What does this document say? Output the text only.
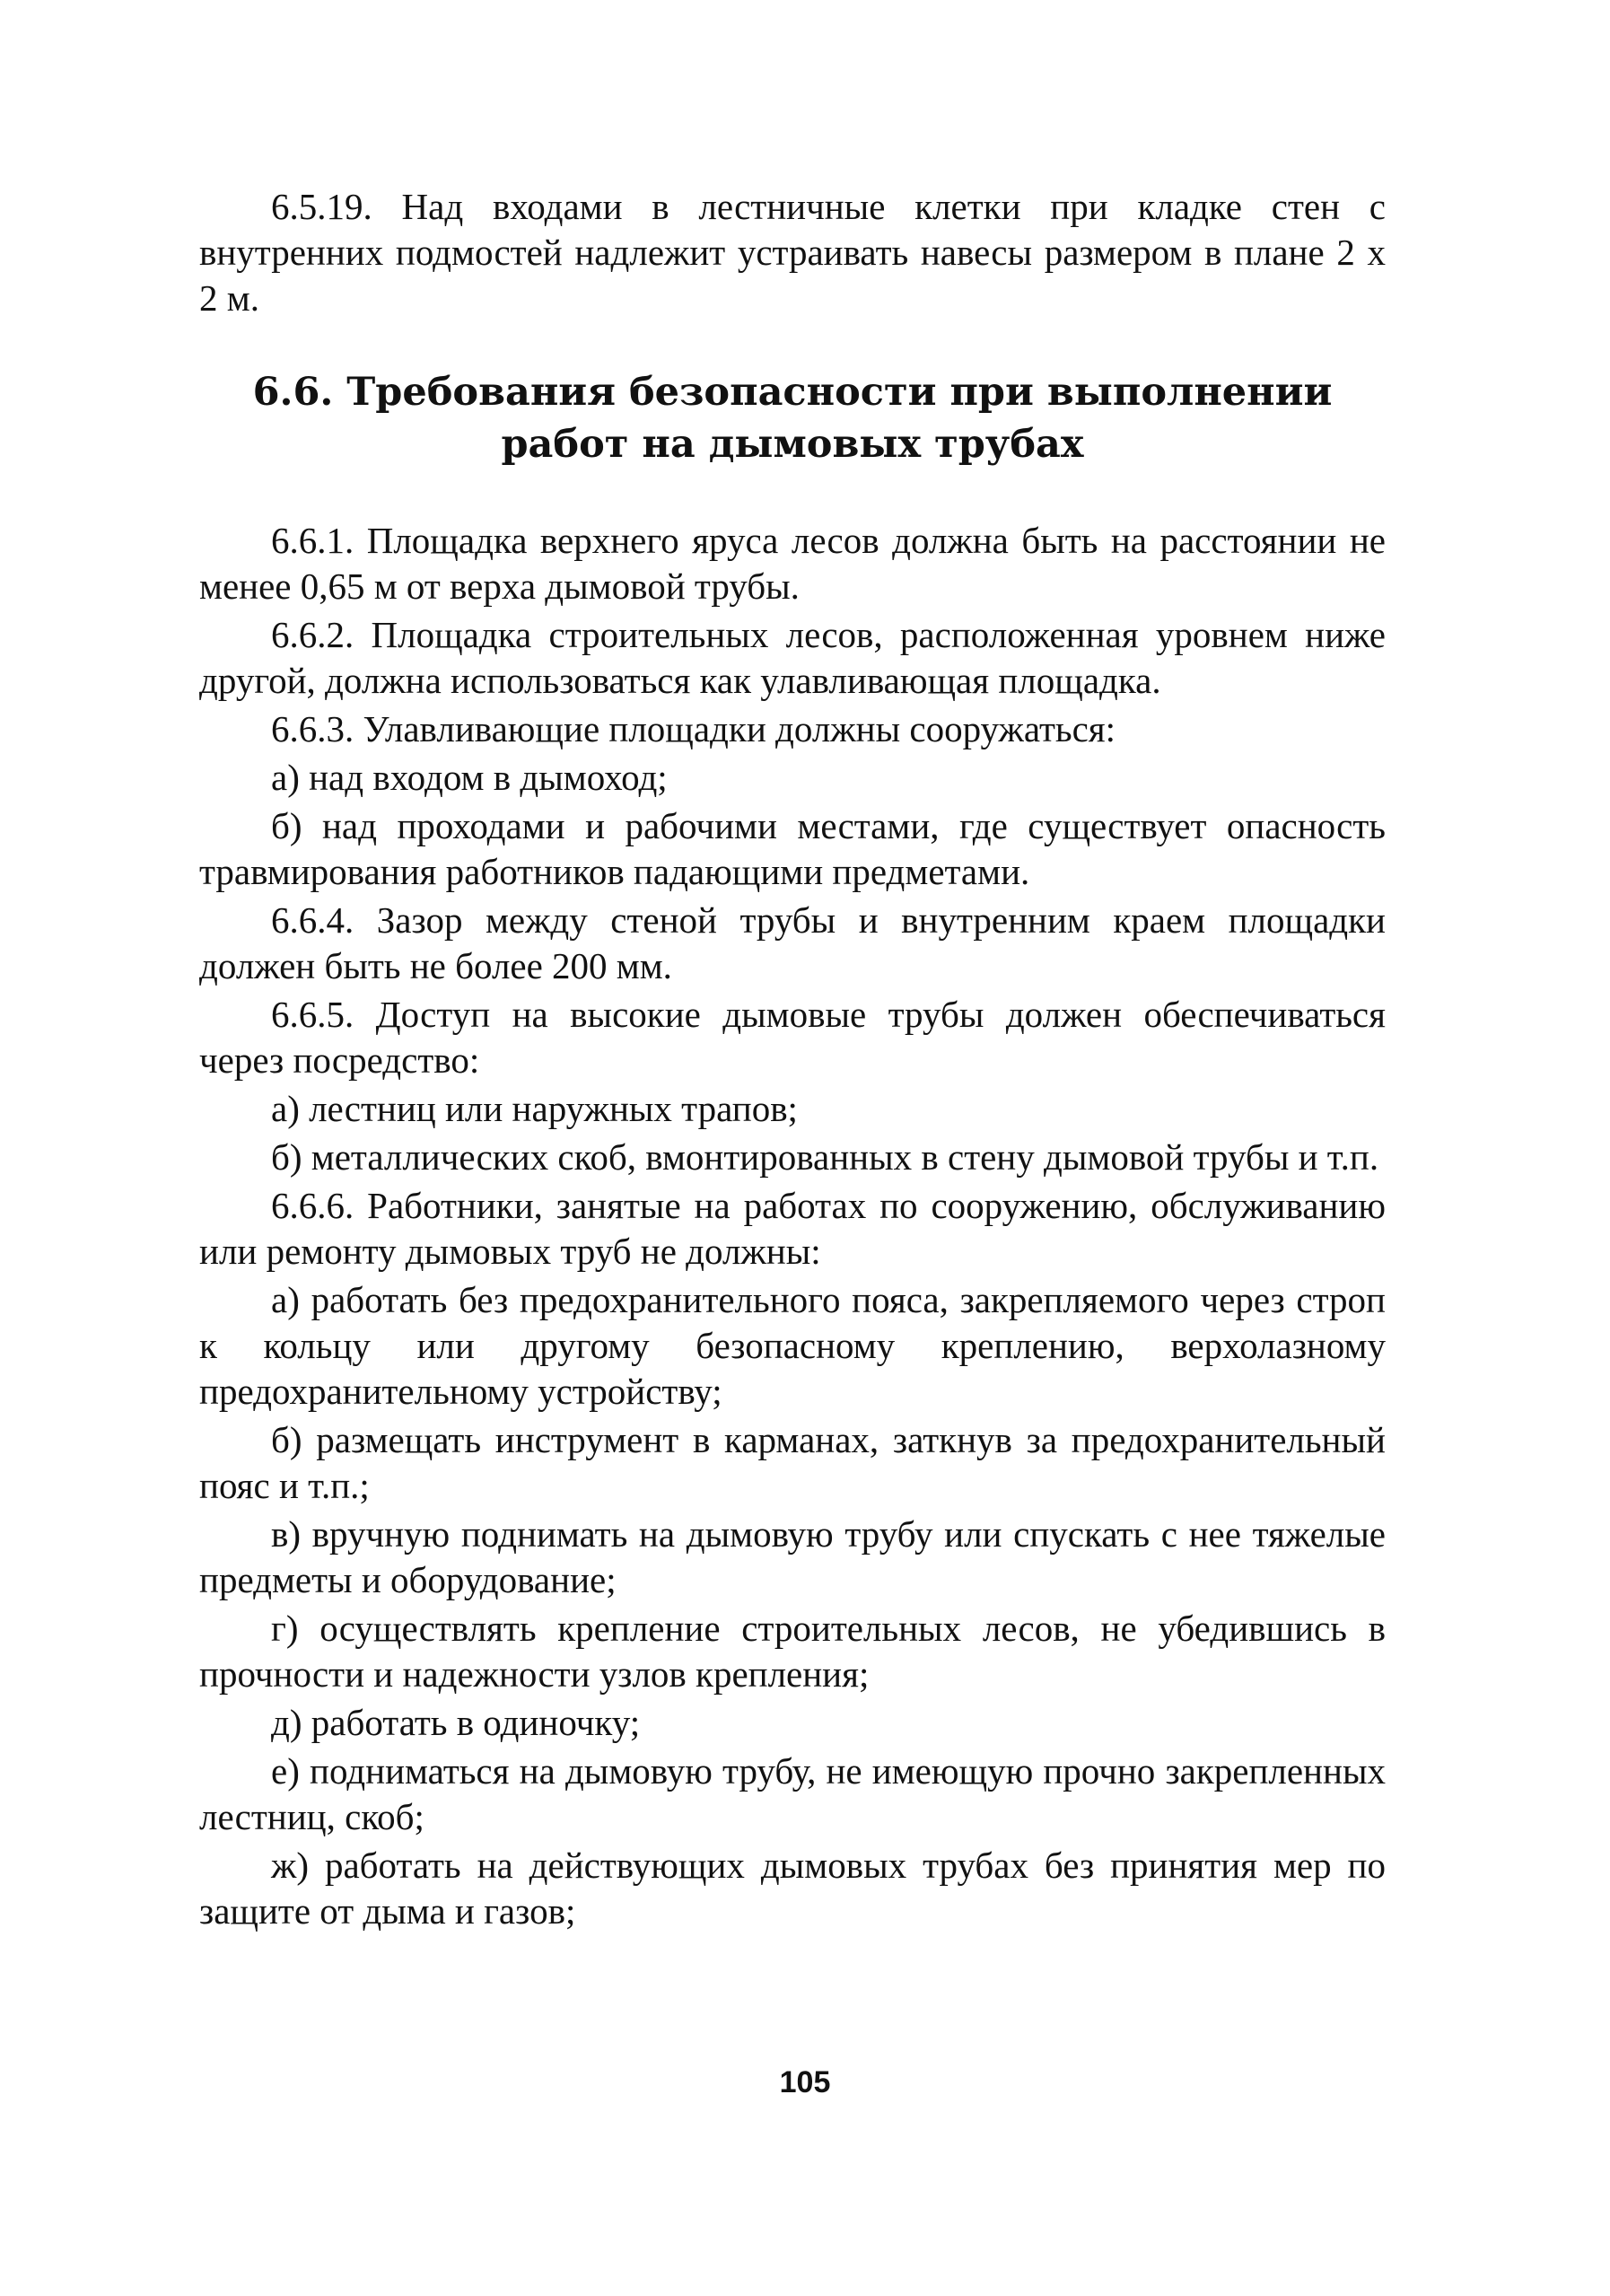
6.5.19. Над входами в лестничные клетки при кладке стен с внутренних подмостей надлежит устраивать навесы размером в плане 2 х 2 м.

6.6. Требования безопасности при выполнении
работ на дымовых трубах

6.6.1. Площадка верхнего яруса лесов должна быть на расстоянии не менее 0,65 м от верха дымовой трубы.

6.6.2. Площадка строительных лесов, расположенная уровнем ниже другой, должна использоваться как улавливающая площадка.

6.6.3. Улавливающие площадки должны сооружаться:

а) над входом в дымоход;

б) над проходами и рабочими местами, где существует опасность травмирования работников падающими предметами.

6.6.4. Зазор между стеной трубы и внутренним краем площадки должен быть не более 200 мм.

6.6.5. Доступ на высокие дымовые трубы должен обеспечиваться через посредство:

а) лестниц или наружных трапов;

б) металлических скоб, вмонтированных в стену дымовой трубы и т.п.

6.6.6. Работники, занятые на работах по сооружению, обслуживанию или ремонту дымовых труб не должны:

а) работать без предохранительного пояса, закрепляемого через строп к кольцу или другому безопасному креплению, верхолазному предохранительному устройству;

б) размещать инструмент в карманах, заткнув за предохранительный пояс и т.п.;

в) вручную поднимать на дымовую трубу или спускать с нее тяжелые предметы и оборудование;

г) осуществлять крепление строительных лесов, не убедившись в прочности и надежности узлов крепления;

д) работать в одиночку;

е) подниматься на дымовую трубу, не имеющую прочно закрепленных лестниц, скоб;

ж) работать на действующих дымовых трубах без принятия мер по защите от дыма и газов;

105
